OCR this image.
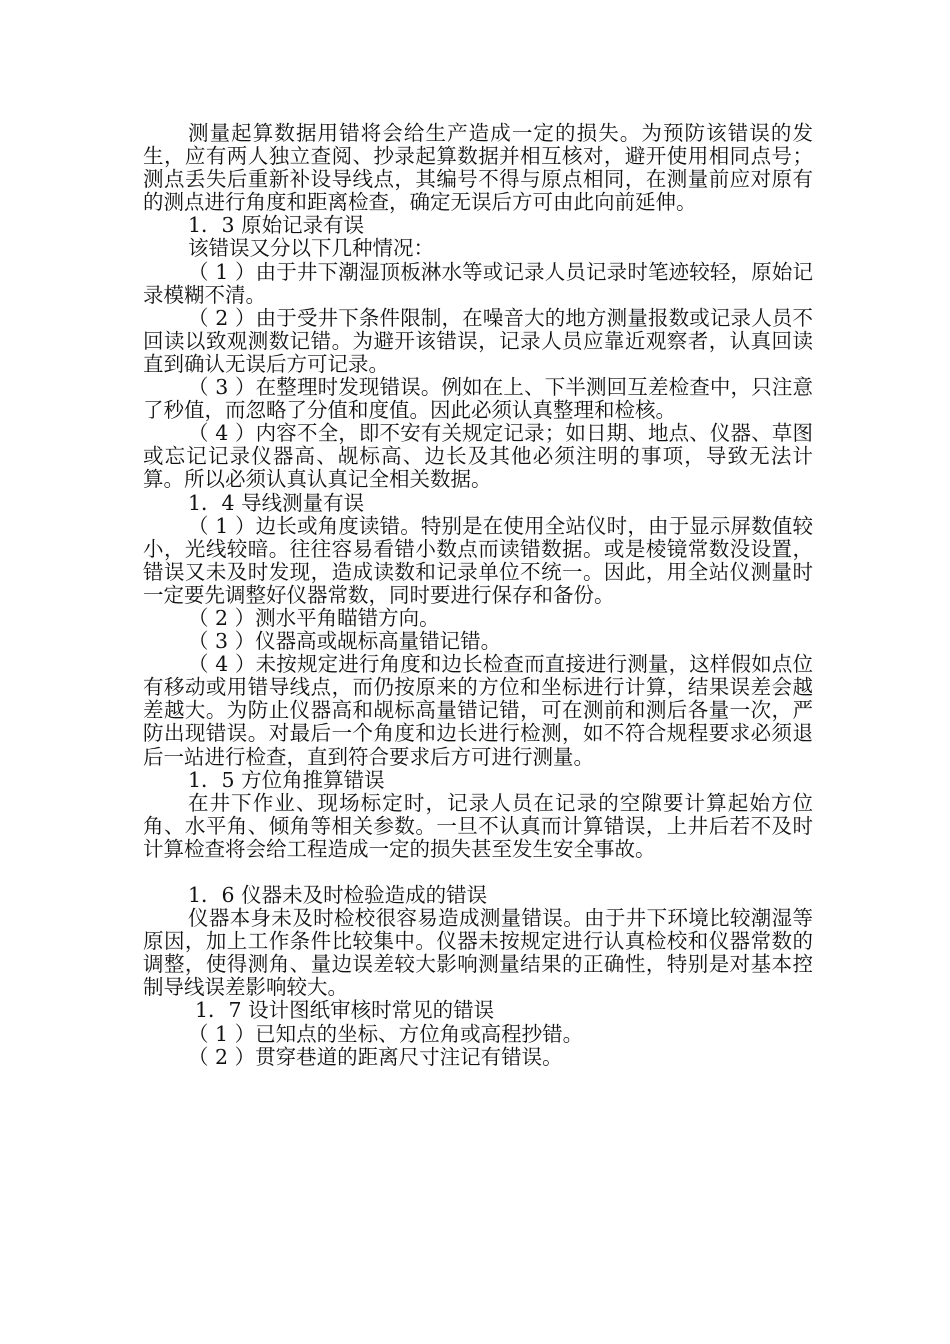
测量起算数据用错将会给生产造成一定的损失。为预防该错误的发生，应有两人独立查阅、抄录起算数据并相互核对，避开使用相同点号；测点丢失后重新补设导线点，其编号不得与原点相同，在测量前应对原有的测点进行角度和距离检查，确定无误后方可由此向前延伸。

1．3 原始记录有误

该错误又分以下几种情况：

（ 1 ）由于井下潮湿顶板淋水等或记录人员记录时笔迹较轻，原始记录模糊不清。

（ 2 ）由于受井下条件限制，在噪音大的地方测量报数或记录人员不回读以致观测数记错。为避开该错误，记录人员应靠近观察者，认真回读直到确认无误后方可记录。

（ 3 ）在整理时发现错误。例如在上、下半测回互差检查中，只注意了秒值，而忽略了分值和度值。因此必须认真整理和检核。

（ 4 ）内容不全，即不安有关规定记录；如日期、地点、仪器、草图或忘记记录仪器高、觇标高、边长及其他必须注明的事项，导致无法计算。所以必须认真认真记全相关数据。

1．4 导线测量有误

（ 1 ）边长或角度读错。特别是在使用全站仪时，由于显示屏数值较小，光线较暗。往往容易看错小数点而读错数据。或是棱镜常数没设置，错误又未及时发现，造成读数和记录单位不统一。因此，用全站仪测量时一定要先调整好仪器常数，同时要进行保存和备份。

（ 2 ）测水平角瞄错方向。

（ 3 ）仪器高或觇标高量错记错。

（ 4 ）未按规定进行角度和边长检查而直接进行测量，这样假如点位有移动或用错导线点，而仍按原来的方位和坐标进行计算，结果误差会越差越大。为防止仪器高和觇标高量错记错，可在测前和测后各量一次，严防出现错误。对最后一个角度和边长进行检测，如不符合规程要求必须退后一站进行检查，直到符合要求后方可进行测量。

1．5 方位角推算错误

在井下作业、现场标定时，记录人员在记录的空隙要计算起始方位角、水平角、倾角等相关参数。一旦不认真而计算错误，上井后若不及时计算检查将会给工程造成一定的损失甚至发生安全事故。

1．6 仪器未及时检验造成的错误

仪器本身未及时检校很容易造成测量错误。由于井下环境比较潮湿等原因，加上工作条件比较集中。仪器未按规定进行认真检校和仪器常数的调整，使得测角、量边误差较大影响测量结果的正确性，特别是对基本控制导线误差影响较大。

1．7 设计图纸审核时常见的错误

（ 1 ）已知点的坐标、方位角或高程抄错。

（ 2 ）贯穿巷道的距离尺寸注记有错误。
